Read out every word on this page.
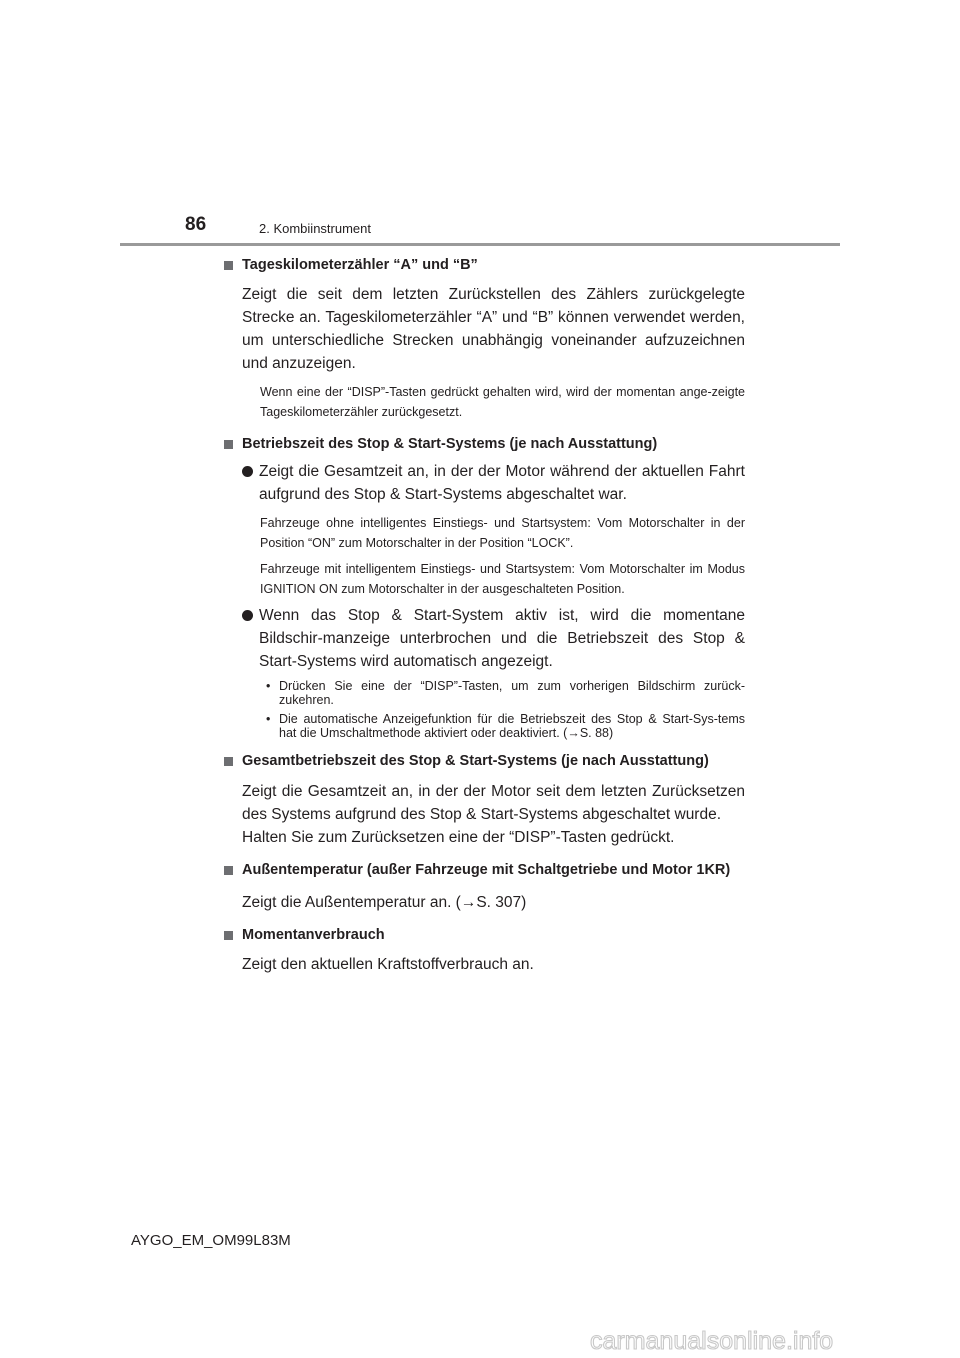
86	2. Kombiinstrument
Tageskilometerzähler “A” und “B”
Zeigt die seit dem letzten Zurückstellen des Zählers zurückgelegte Strecke an. Tageskilometerzähler “A” und “B” können verwendet werden, um unterschiedliche Strecken unabhängig voneinander aufzuzeichnen und anzuzeigen.
Wenn eine der “DISP”-Tasten gedrückt gehalten wird, wird der momentan ange-zeigte Tageskilometerzähler zurückgesetzt.
Betriebszeit des Stop & Start-Systems (je nach Ausstattung)
Zeigt die Gesamtzeit an, in der der Motor während der aktuellen Fahrt aufgrund des Stop & Start-Systems abgeschaltet war.
Fahrzeuge ohne intelligentes Einstiegs- und Startsystem: Vom Motorschalter in der Position “ON” zum Motorschalter in der Position “LOCK”.
Fahrzeuge mit intelligentem Einstiegs- und Startsystem: Vom Motorschalter im Modus IGNITION ON zum Motorschalter in der ausgeschalteten Position.
Wenn das Stop & Start-System aktiv ist, wird die momentane Bildschir-manzeige unterbrochen und die Betriebszeit des Stop & Start-Systems wird automatisch angezeigt.
• Drücken Sie eine der “DISP”-Tasten, um zum vorherigen Bildschirm zurück-zukehren.
• Die automatische Anzeigefunktion für die Betriebszeit des Stop & Start-Sys-tems hat die Umschaltmethode aktiviert oder deaktiviert. (→S. 88)
Gesamtbetriebszeit des Stop & Start-Systems (je nach Ausstattung)
Zeigt die Gesamtzeit an, in der der Motor seit dem letzten Zurücksetzen des Systems aufgrund des Stop & Start-Systems abgeschaltet wurde.
Halten Sie zum Zurücksetzen eine der “DISP”-Tasten gedrückt.
Außentemperatur (außer Fahrzeuge mit Schaltgetriebe und Motor 1KR)
Zeigt die Außentemperatur an. (→S. 307)
Momentanverbrauch
Zeigt den aktuellen Kraftstoffverbrauch an.
AYGO_EM_OM99L83M
carmanualsonline.info
